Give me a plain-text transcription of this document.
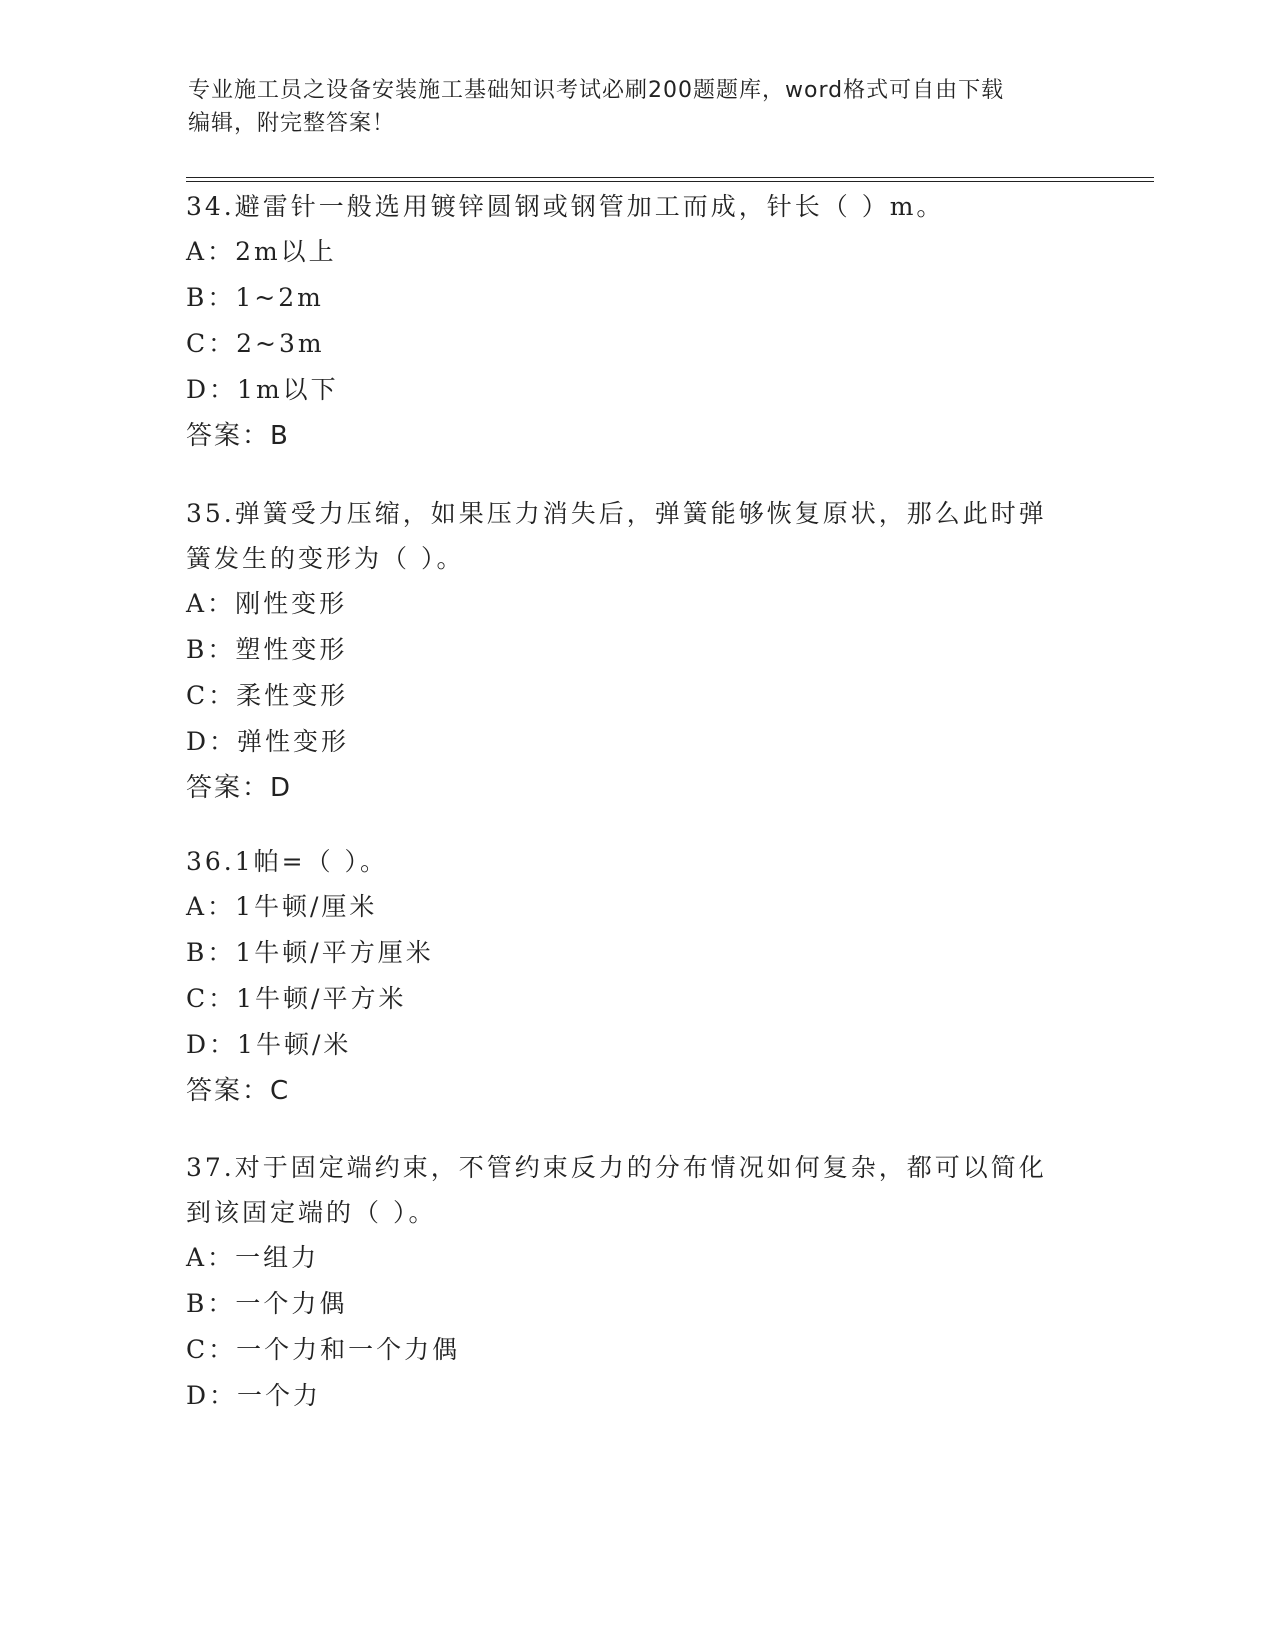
专业施工员之设备安装施工基础知识考试必刷200题题库，word格式可自由下载
编辑，附完整答案！
34.避雷针一般选用镀锌圆钢或钢管加工而成，针长（ ）m。
A：2m以上
B：1~2m
C：2~3m
D：1m以下
答案：B
35.弹簧受力压缩，如果压力消失后，弹簧能够恢复原状，那么此时弹
簧发生的变形为（ ）。
A：刚性变形
B：塑性变形
C：柔性变形
D：弹性变形
答案：D
36.1帕=（ ）。
A：1牛顿/厘米
B：1牛顿/平方厘米
C：1牛顿/平方米
D：1牛顿/米
答案：C
37.对于固定端约束，不管约束反力的分布情况如何复杂，都可以简化
到该固定端的（ ）。
A：一组力
B：一个力偶
C：一个力和一个力偶
D：一个力
